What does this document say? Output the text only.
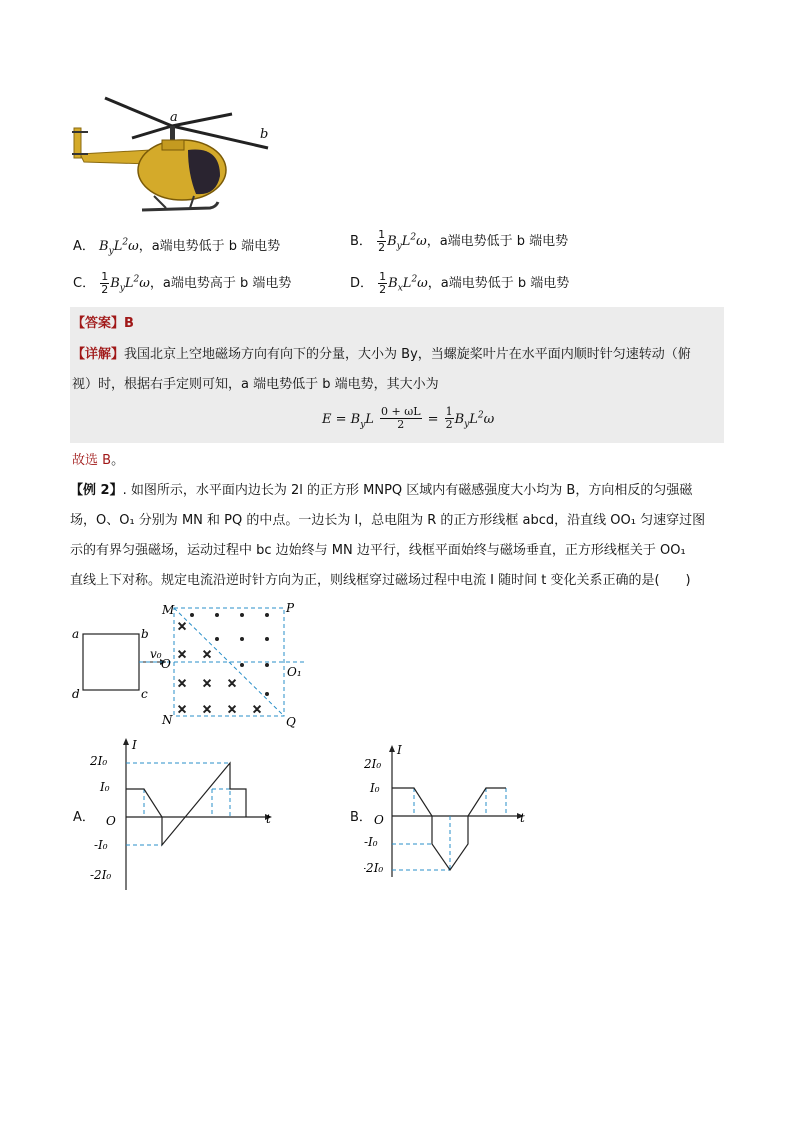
a
b
A． $B_yL^2\omega$，a端电势低于 b 端电势	B． $\frac{1}{2} B_yL^2\omega$，a端电势低于 b 端电势
C． $\frac{1}{2} B_yL^2\omega$，a端电势高于 b 端电势	D． $\frac{1}{2} B_xL^2\omega$，a端电势低于 b 端电势
【答案】B
【详解】我国北京上空地磁场方向有向下的分量，大小为 By，当螺旋桨叶片在水平面内顺时针匀速转动（俯
视）时，根据右手定则可知，a 端电势低于 b 端电势，其大小为
$E = B_yL \frac{0 + \omega L}{2} = \frac{1}{2} B_yL^2\omega$
故选 B。
【例 2】. 如图所示，水平面内边长为 2l 的正方形 MNPQ 区域内有磁感强度大小均为 B，方向相反的匀强磁
场，O、O₁ 分别为 MN 和 PQ 的中点。一边长为 l，总电阻为 R 的正方形线框 abcd，沿直线 OO₁ 匀速穿过图
示的有界匀强磁场，运动过程中 bc 边始终与 MN 边平行，线框平面始终与磁场垂直，正方形线框关于 OO₁
直线上下对称。规定电流沿逆时针方向为正，则线框穿过磁场过程中电流 I 随时间 t 变化关系正确的是(　　)
a	b
c
d
v₀
M
N
P
Q
O
O₁
×
× ×
× × ×
× × × ×
A．
I
t
O
2I₀
I₀
-I₀
-2I₀
B．
I
t
O
2I₀
I₀
-I₀
-2I₀
